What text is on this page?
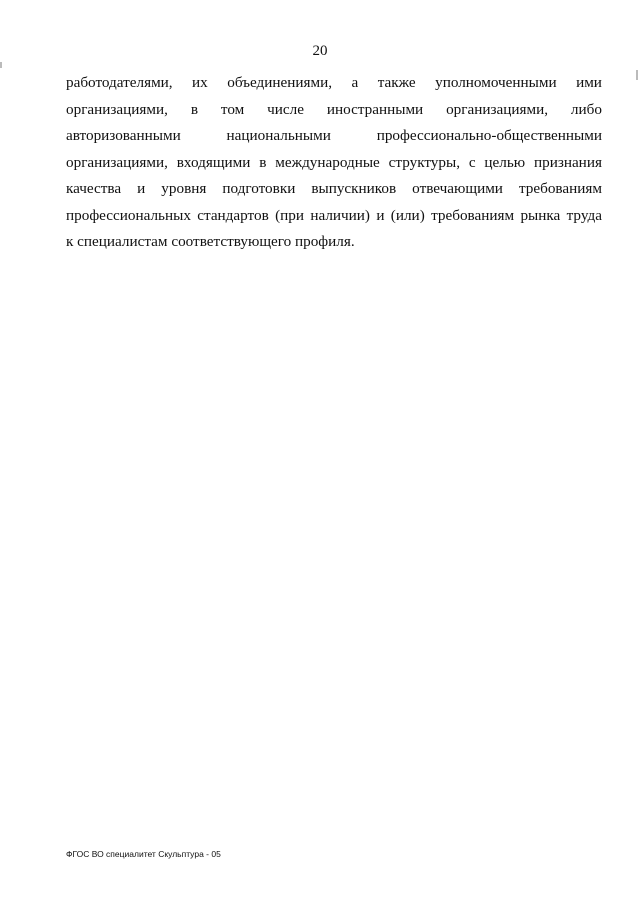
20
работодателями, их объединениями, а также уполномоченными ими
организациями, в том числе иностранными организациями, либо
авторизованными	национальными	профессионально-общественными
организациями, входящими в международные структуры, с целью признания
качества и уровня подготовки выпускников отвечающими требованиям
профессиональных стандартов (при наличии) и (или) требованиям рынка труда
к специалистам соответствующего профиля.
ФГОС ВО специалитет Скульптура - 05
